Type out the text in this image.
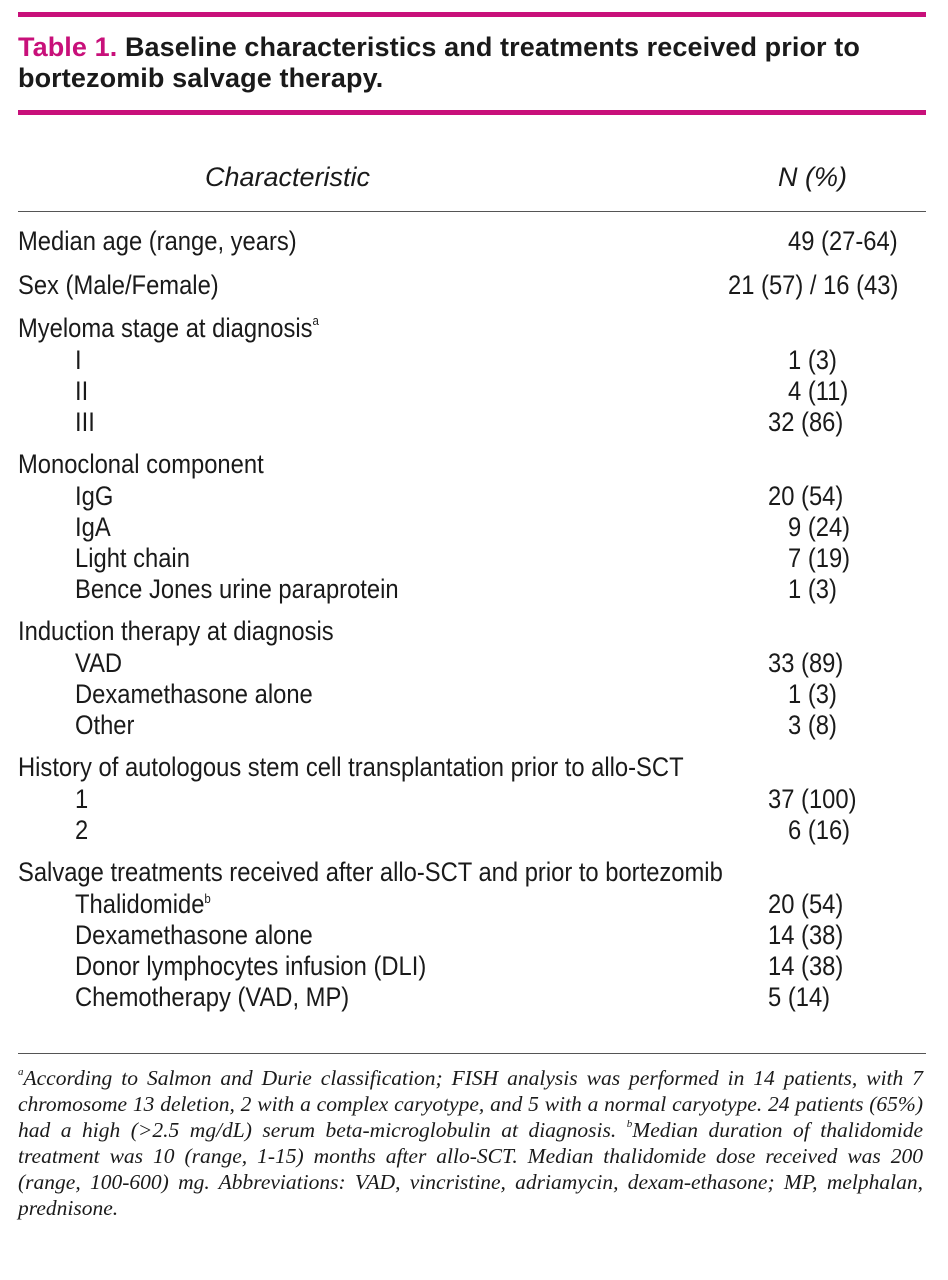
Table 1. Baseline characteristics and treatments received prior to bortezomib salvage therapy.
Characteristic	N (%)
Median age (range, years)	49 (27-64)
Sex (Male/Female)	21 (57) / 16 (43)
Myeloma stage at diagnosis$^a$
I	1 (3)
II	4 (11)
III	32 (86)
Monoclonal component
IgG	20 (54)
IgA	9 (24)
Light chain	7 (19)
Bence Jones urine paraprotein	1 (3)
Induction therapy at diagnosis
VAD	33 (89)
Dexamethasone alone	1 (3)
Other	3 (8)
History of autologous stem cell transplantation prior to allo-SCT
1	37 (100)
2	6 (16)
Salvage treatments received after allo-SCT and prior to bortezomib
Thalidomide$^b$	20 (54)
Dexamethasone alone	14 (38)
Donor lymphocytes infusion (DLI)	14 (38)
Chemotherapy (VAD, MP)	5 (14)
$^a$According to Salmon and Durie classification; FISH analysis was performed in 14 patients, with 7 chromosome 13 deletion, 2 with a complex caryotype, and 5 with a normal caryotype. 24 patients (65%) had a high (>2.5 mg/dL) serum beta-microglobulin at diagnosis. $^b$Median duration of thalidomide treatment was 10 (range, 1-15) months after allo-SCT. Median thalidomide dose received was 200 (range, 100-600) mg. Abbreviations: VAD, vincristine, adriamycin, dexam-ethasone; MP, melphalan, prednisone.
